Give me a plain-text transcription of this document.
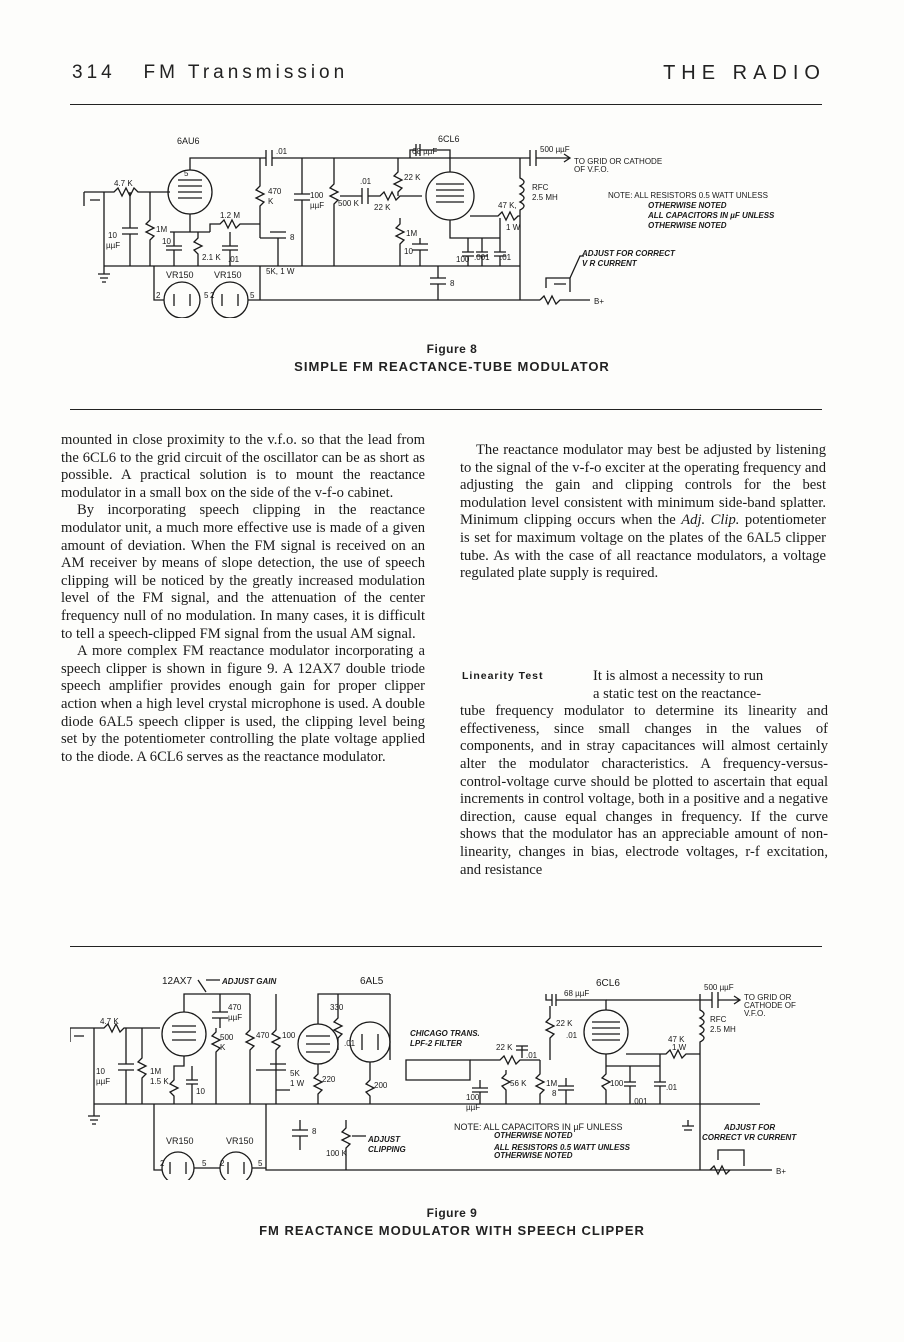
314 FM Transmission	THE RADIO
4.7 K
10
µµF
1M
6AU6
5
10
2.1 K
1.2 M
.01
.01
470
K
8
100
µµF 500 K
.01
22 K
22 K
6CL6
68 µµF
100 .001 .01
1M
10
47 K,
1 W
RFC
2.5 MH
500 µµF
TO GRID OR CATHODE
OF V.F.O.
8
VR150 VR150
2	5 2	5
5K, 1 W
B+
ADJUST FOR CORRECT
V R CURRENT
NOTE: ALL RESISTORS 0.5 WATT UNLESS
OTHERWISE NOTED
ALL CAPACITORS IN µF UNLESS
OTHERWISE NOTED
Figure 8
SIMPLE FM REACTANCE-TUBE MODULATOR

mounted in close proximity to the v.f.o. so that the lead from the 6CL6 to the grid circuit of the oscillator can be as short as possible. A practical solution is to mount the reactance modulator in a small box on the side of the v-f-o cabinet.

By incorporating speech clipping in the reactance modulator unit, a much more effective use is made of a given amount of deviation. When the FM signal is received on an AM receiver by means of slope detection, the use of speech clipping will be noticed by the greatly increased modulation level of the FM signal, and the attenuation of the center frequency null of no modulation. In many cases, it is difficult to tell a speech-clipped FM signal from the usual AM signal.

A more complex FM reactance modulator incorporating a speech clipper is shown in figure 9. A 12AX7 double triode speech amplifier provides enough gain for proper clipper action when a high level crystal microphone is used. A double diode 6AL5 speech clipper is used, the clipping level being set by the potentiometer controlling the plate voltage applied to the diode. A 6CL6 serves as the reactance modulator.

The reactance modulator may best be adjusted by listening to the signal of the v-f-o exciter at the operating frequency and adjusting the gain and clipping controls for the best modulation level consistent with minimum side-band splatter. Minimum clipping occurs when the Adj. Clip. potentiometer is set for maximum voltage on the plates of the 6AL5 clipper tube. As with the case of all reactance modulators, a voltage regulated plate supply is required.

Linearity Test	It is almost a necessity to run
a static test on the reactance-
tube frequency modulator to determine its linearity and effectiveness, since small changes in the values of components, and in stray capacitances will almost certainly alter the modulator characteristics. A frequency-versus-control-voltage curve should be plotted to ascertain that equal increments in control voltage, both in a positive and a negative direction, cause equal changes in frequency. If the curve shows that the modulator has an appreciable amount of non-linearity, changes in bias, electrode voltages, r-f excitation, and resistance
12AX7	ADJUST GAIN	6AL5	6CL6
4.7 K
10
µµF
1M
1.5 K
10
470
µµF
500
K
470 100
5K
1 W 220
330
.01
200
CHICAGO TRANS.
LPF-2 FILTER	22 K
100
µµF
56 K
.01
68 µµF
22 K
1M
8
100
.001
.01
.01	47 K
1 W
RFC
2.5 MH
500 µµF
TO GRID OR
CATHODE OF
V.F.O.
VR150	VR150
2	5 2	5
8
100 K
ADJUST
CLIPPING
NOTE: ALL CAPACITORS IN µF UNLESS
OTHERWISE NOTED
ALL RESISTORS 0.5 WATT UNLESS
OTHERWISE NOTED
ADJUST FOR
CORRECT VR CURRENT
B+
Figure 9
FM REACTANCE MODULATOR WITH SPEECH CLIPPER
